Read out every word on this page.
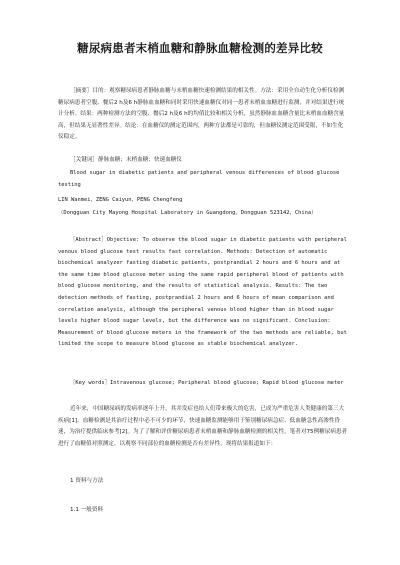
糖尿病患者末梢血糖和静脉血糖检测的差异比较

［摘要］目的：观察糖尿病患者静脉血糖与末梢血糖快速检测结果的相关性。方法：采用全自动生化分析仪检测糖尿病患者空腹、餐后2 h及6 h静脉血血糖和同时采用快速血糖仪对同一患者末梢血血糖进行监测，并对结果进行统计分析。结果：两种检测方法的空腹、餐后2 h及6 h的均值比较和相关分析，虽然静脉血血糖含量比末梢血血糖含量高，但结果无显著性差异。结论：在血糖仪的测定范围内，两种方法都是可靠的，但血糖仪测定范围受限，不如生化仪稳定。

［关键词］静脉血糖；末梢血糖；快速血糖仪
Blood sugar in diabetic patients and peripheral venous differences of blood glucose testing
LIN Wanmei，ZENG Caiyun，PENG Chengfeng
（Dongguan City Mayong Hospital Laboratory in Guangdong，Dongguan 523142，China）

［Abstract］Objective: To observe the blood sugar in diabetic patients with peripheral venous blood glucose test results fast correlation. Methods: Detection of automatic biochemical analyzer fasting diabetic patients, postprandial 2 hours and 6 hours and at the same time blood glucose meter using the same rapid peripheral blood of patients with blood glucose monitoring, and the results of statistical analysis. Results: The two detection methods of fasting, postprandial 2 hours and 6 hours of mean comparison and correlation analysis, although the peripheral venous blood higher than in blood sugar levels higher blood sugar levels, but the difference was no significant. Conclusion: Measurement of blood glucose meters in the framework of the two methods are reliable, but limited the scope to measure blood glucose as stable biochemical analyzer.

［Key words］Intravenous glucose; Peripheral blood glucose; Rapid blood glucose meter

近年来，中国糖尿病的发病率逐年上升，其并发症也给人们带来极大的危害，已成为严重危害人类健康的第三大疾病[1]。血糖检测是其治疗过程中必不可少的环节，快速血糖监测能够用于鉴别糖尿病急症、低血糖急性高渗性昏迷，为治疗提供临床参考[2]。为了了解和评价糖尿病患者末梢血糖和静脉血糖检测的相关性，笔者对75例糖尿病患者进行了血糖值对照测定，以观察不同部位的血糖检测是否有差异性，现将结果报道如下：

1 资料与方法
1.1 一般资料
